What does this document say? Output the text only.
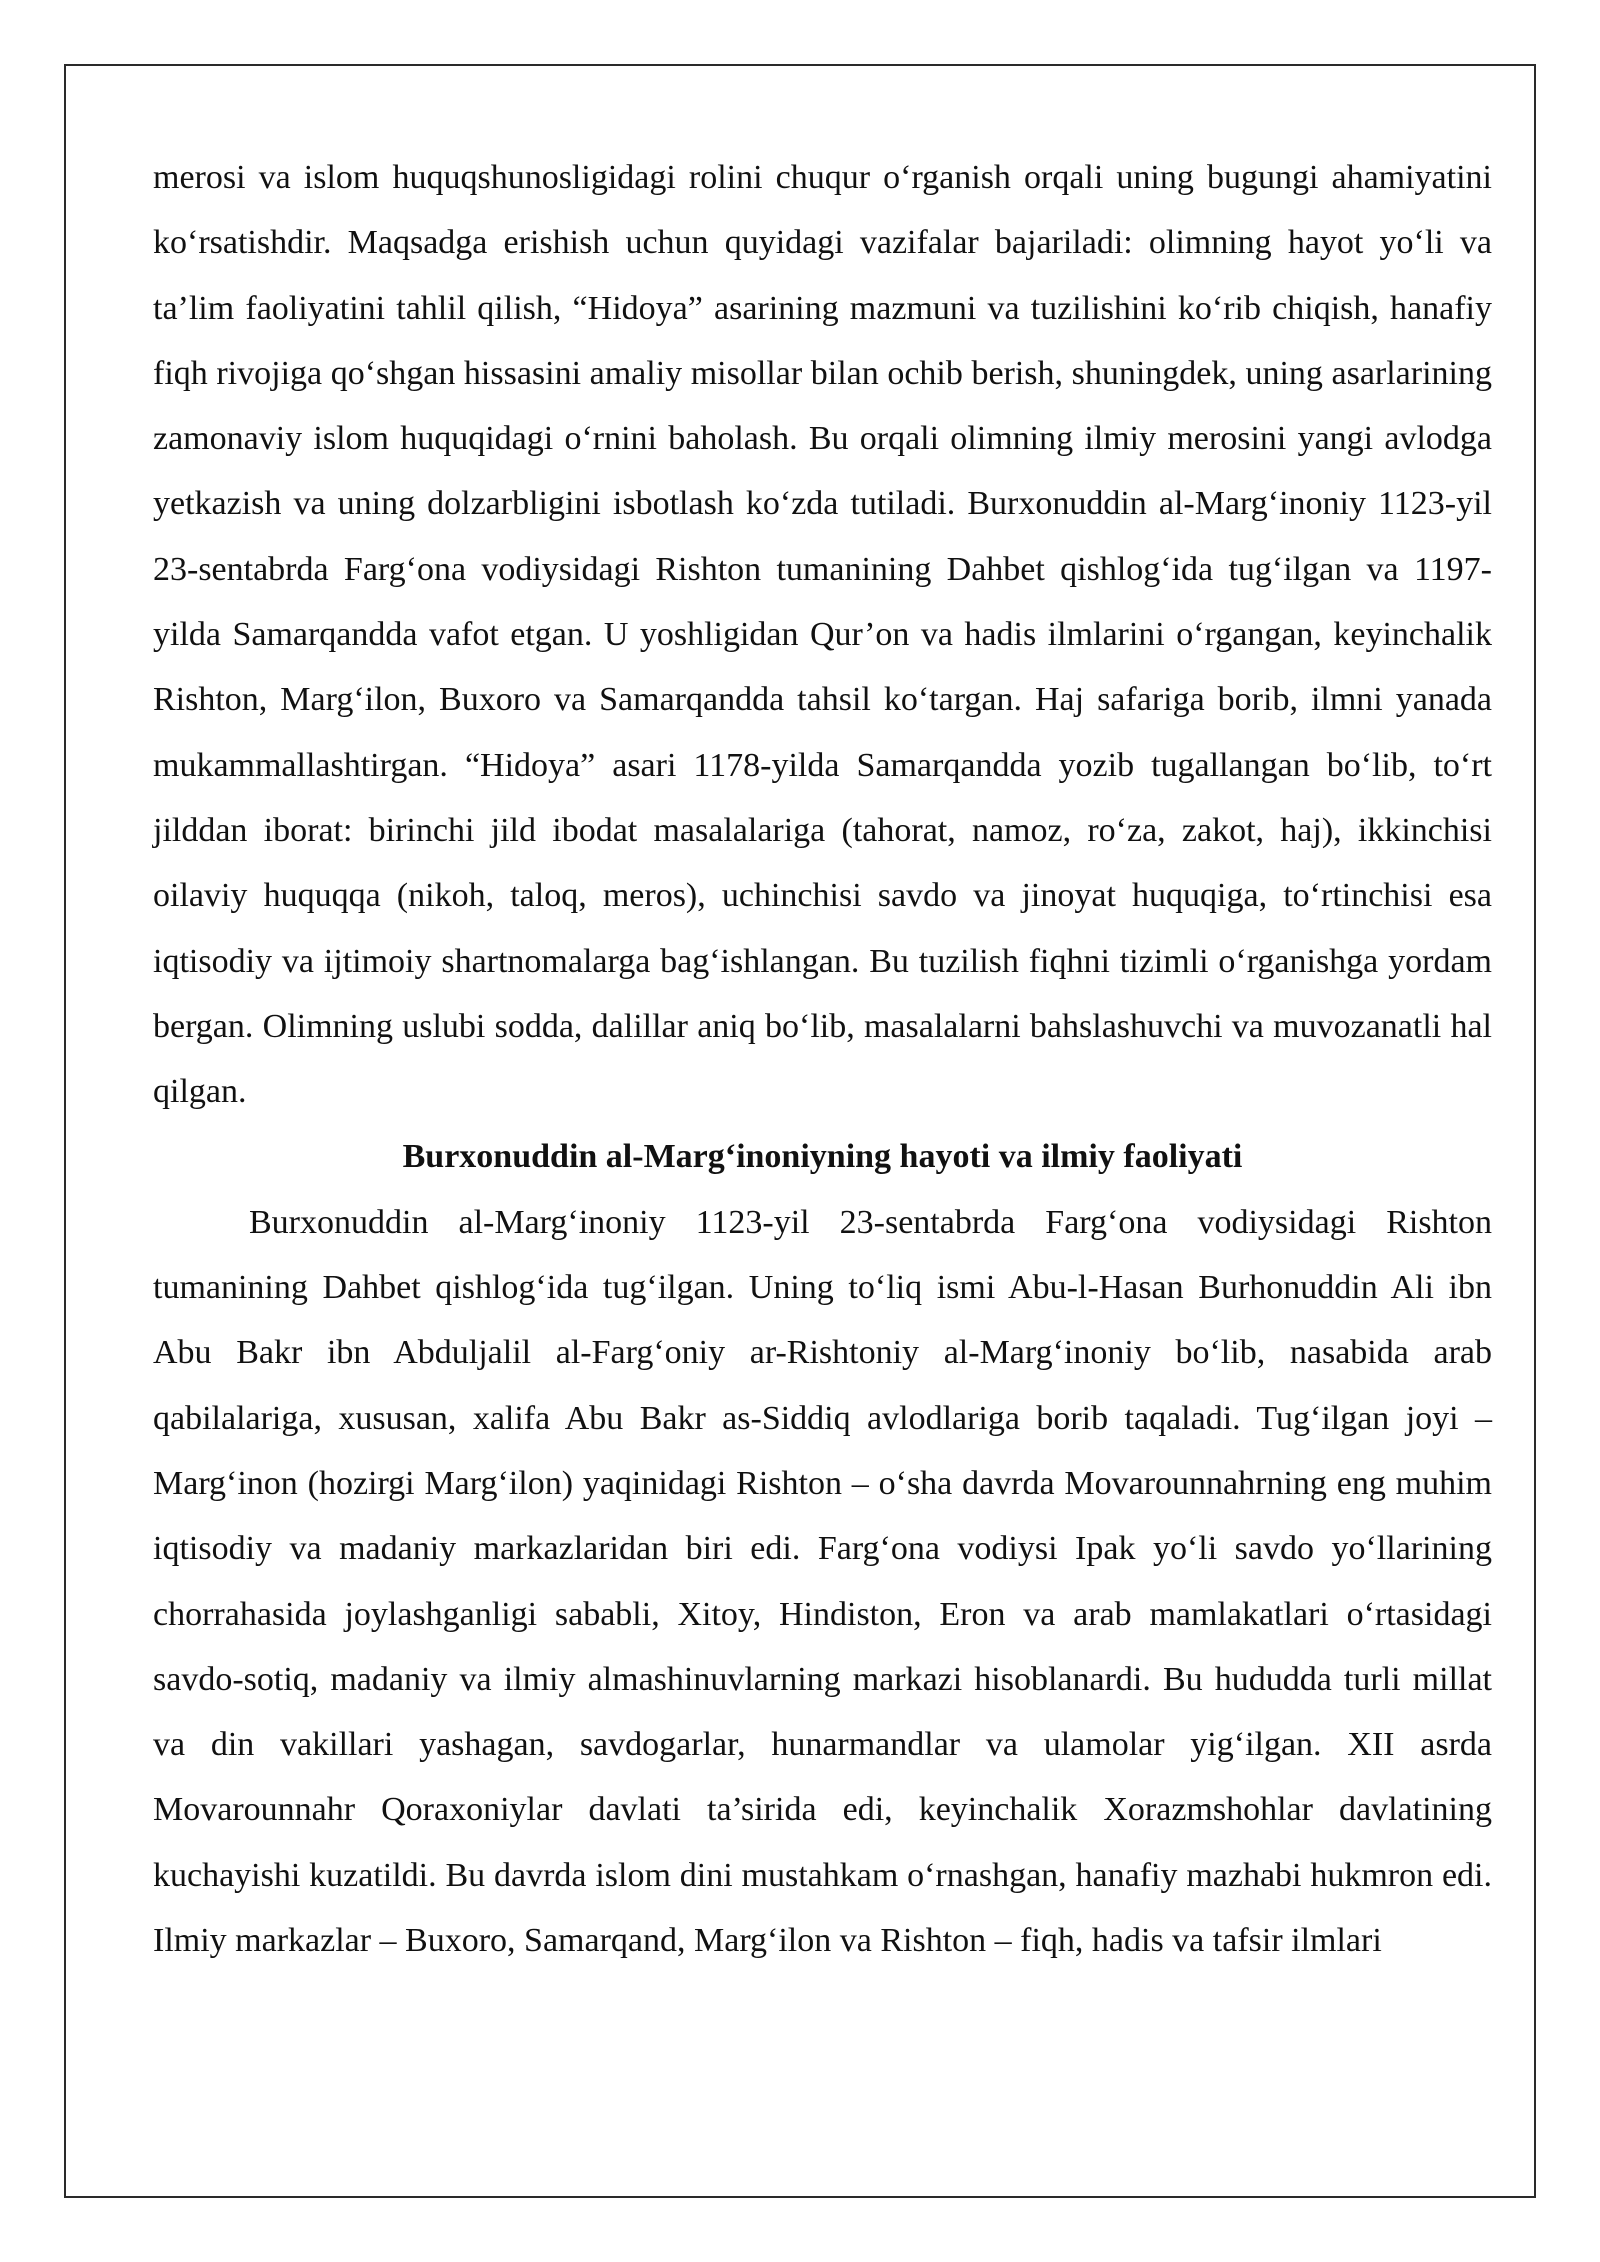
merosi va islom huquqshunosligidagi rolini chuqur o‘rganish orqali uning bugungi ahamiyatini ko‘rsatishdir. Maqsadga erishish uchun quyidagi vazifalar bajariladi: olimning hayot yo‘li va ta’lim faoliyatini tahlil qilish, “Hidoya” asarining mazmuni va tuzilishini ko‘rib chiqish, hanafiy fiqh rivojiga qo‘shgan hissasini amaliy misollar bilan ochib berish, shuningdek, uning asarlarining zamonaviy islom huquqidagi o‘rnini baholash. Bu orqali olimning ilmiy merosini yangi avlodga yetkazish va uning dolzarbligini isbotlash ko‘zda tutiladi. Burxonuddin al-Marg‘inoniy 1123-yil 23-sentabrda Farg‘ona vodiysidagi Rishton tumanining Dahbet qishlog‘ida tug‘ilgan va 1197-yilda Samarqandda vafot etgan. U yoshligidan Qur’on va hadis ilmlarini o‘rgangan, keyinchalik Rishton, Marg‘ilon, Buxoro va Samarqandda tahsil ko‘targan. Haj safariga borib, ilmni yanada mukammallashtirgan. “Hidoya” asari 1178-yilda Samarqandda yozib tugallangan bo‘lib, to‘rt jilddan iborat: birinchi jild ibodat masalalariga (tahorat, namoz, ro‘za, zakot, haj), ikkinchisi oilaviy huquqqa (nikoh, taloq, meros), uchinchisi savdo va jinoyat huquqiga, to‘rtinchisi esa iqtisodiy va ijtimoiy shartnomalarga bag‘ishlangan. Bu tuzilish fiqhni tizimli o‘rganishga yordam bergan. Olimning uslubi sodda, dalillar aniq bo‘lib, masalalarni bahslashuvchi va muvozanatli hal qilgan.

Burxonuddin al-Marg‘inoniyning hayoti va ilmiy faoliyati

Burxonuddin al-Marg‘inoniy 1123-yil 23-sentabrda Farg‘ona vodiysidagi Rishton tumanining Dahbet qishlog‘ida tug‘ilgan. Uning to‘liq ismi Abu-l-Hasan Burhonuddin Ali ibn Abu Bakr ibn Abduljalil al-Farg‘oniy ar-Rishtoniy al-Marg‘inoniy bo‘lib, nasabida arab qabilalariga, xususan, xalifa Abu Bakr as-Siddiq avlodlariga borib taqaladi. Tug‘ilgan joyi – Marg‘inon (hozirgi Marg‘ilon) yaqinidagi Rishton – o‘sha davrda Movarounnahrning eng muhim iqtisodiy va madaniy markazlaridan biri edi. Farg‘ona vodiysi Ipak yo‘li savdo yo‘llarining chorrahasida joylashganligi sababli, Xitoy, Hindiston, Eron va arab mamlakatlari o‘rtasidagi savdo-sotiq, madaniy va ilmiy almashinuvlarning markazi hisoblanardi. Bu hududda turli millat va din vakillari yashagan, savdogarlar, hunarmandlar va ulamolar yig‘ilgan. XII asrda Movarounnahr Qoraxoniylar davlati ta’sirida edi, keyinchalik Xorazmshohlar davlatining kuchayishi kuzatildi. Bu davrda islom dini mustahkam o‘rnashgan, hanafiy mazhabi hukmron edi. Ilmiy markazlar – Buxoro, Samarqand, Marg‘ilon va Rishton – fiqh, hadis va tafsir ilmlari
